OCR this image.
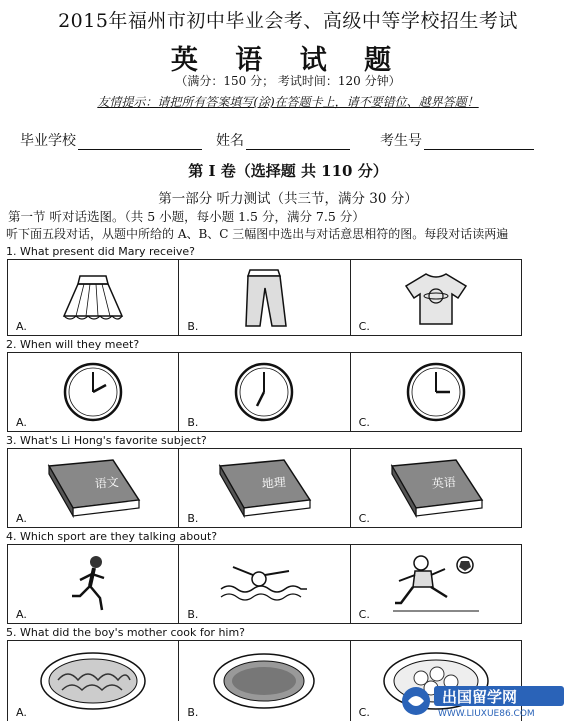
2015年福州市初中毕业会考、高级中等学校招生考试
英 语 试 题
（满分：150 分； 考试时间：120 分钟）
友情提示：请把所有答案填写(涂)在答题卡上，请不要错位、越界答题！
毕业学校	姓名	考生号
第 I 卷（选择题 共 110 分）
第一部分 听力测试（共三节，满分 30 分）
第一节 听对话选图。（共 5 小题，每小题 1.5 分，满分 7.5 分）
听下面五段对话，从题中所给的 A、B、C 三幅图中选出与对话意思相符的图。每段对话读两遍
1. What present did Mary receive?
A.	B.	C.
2. When will they meet?
A.	B.	C.
3. What's Li Hong's favorite subject?
语文
A.
地理
B.
英语
C.
4. Which sport are they talking about?
A.	B.	C.
5. What did the boy's mother cook for him?
A.	B.	C.
出国留学网
WWW.LIUXUE86.COM
